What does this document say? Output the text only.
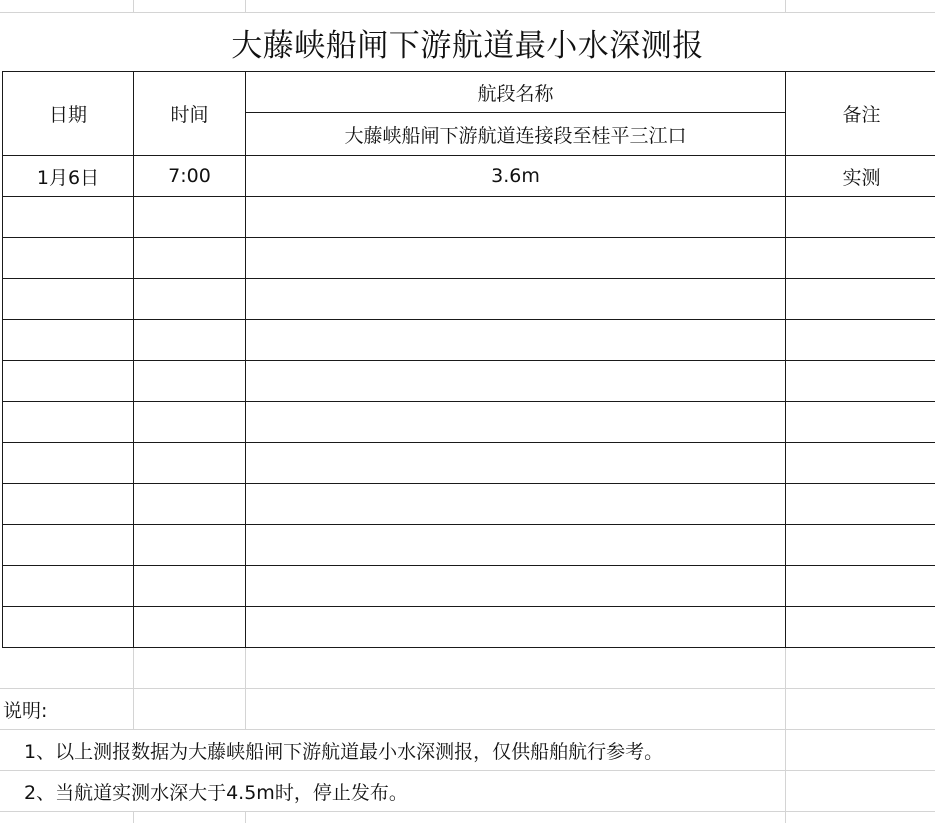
大藤峡船闸下游航道最小水深测报
日期	时间	航段名称	备注
		大藤峡船闸下游航道连接段至桂平三江口	
1月6日	7:00	3.6m	实测

说明:
1、以上测报数据为大藤峡船闸下游航道最小水深测报，仅供船舶航行参考。
2、当航道实测水深大于4.5m时，停止发布。
